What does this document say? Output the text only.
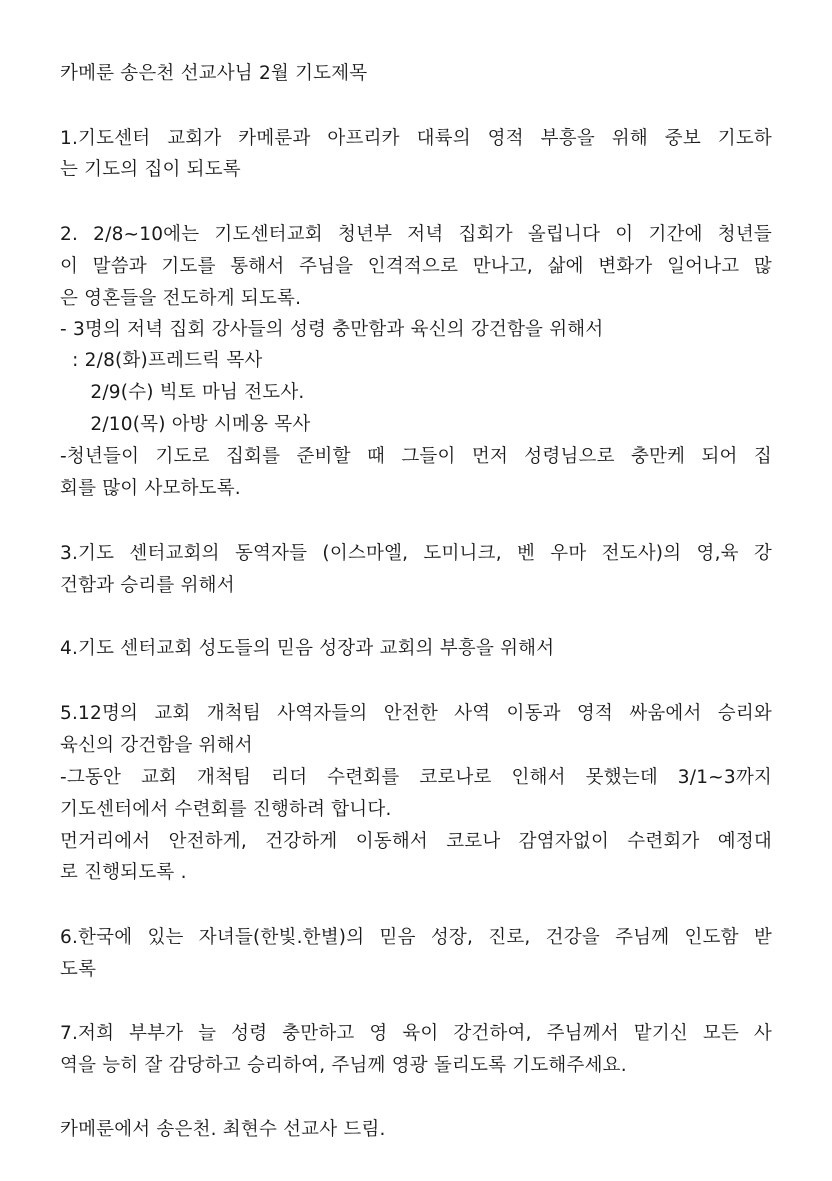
카메룬 송은천 선교사님 2월 기도제목
1.기도센터 교회가 카메룬과 아프리카 대륙의 영적 부흥을 위해 중보 기도하
는 기도의 집이 되도록
2. 2/8~10에는 기도센터교회 청년부 저녁 집회가 올립니다 이 기간에 청년들
이 말씀과 기도를 통해서 주님을 인격적으로 만나고, 삶에 변화가 일어나고 많
은 영혼들을 전도하게 되도록.
- 3명의 저녁 집회 강사들의 성령 충만함과 육신의 강건함을 위해서
: 2/8(화)프레드릭 목사
2/9(수) 빅토 마님 전도사.
2/10(목) 아방 시메옹 목사
-청년들이 기도로 집회를 준비할 때 그들이 먼저 성령님으로 충만케 되어 집
회를 많이 사모하도록.
3.기도 센터교회의 동역자들 (이스마엘, 도미니크, 벤 우마 전도사)의 영,육 강
건함과 승리를 위해서
4.기도 센터교회 성도들의 믿음 성장과 교회의 부흥을 위해서
5.12명의 교회 개척팀 사역자들의 안전한 사역 이동과 영적 싸움에서 승리와
육신의 강건함을 위해서
-그동안 교회 개척팀 리더 수련회를 코로나로 인해서 못했는데 3/1~3까지
기도센터에서 수련회를 진행하려 합니다.
먼거리에서 안전하게, 건강하게 이동해서 코로나 감염자없이 수련회가 예정대
로 진행되도록 .
6.한국에 있는 자녀들(한빛.한별)의 믿음 성장, 진로, 건강을 주님께 인도함 받
도록
7.저희 부부가 늘 성령 충만하고 영 육이 강건하여, 주님께서 맡기신 모든 사
역을 능히 잘 감당하고 승리하여, 주님께 영광 돌리도록 기도해주세요.
카메룬에서 송은천. 최현수 선교사 드림.
